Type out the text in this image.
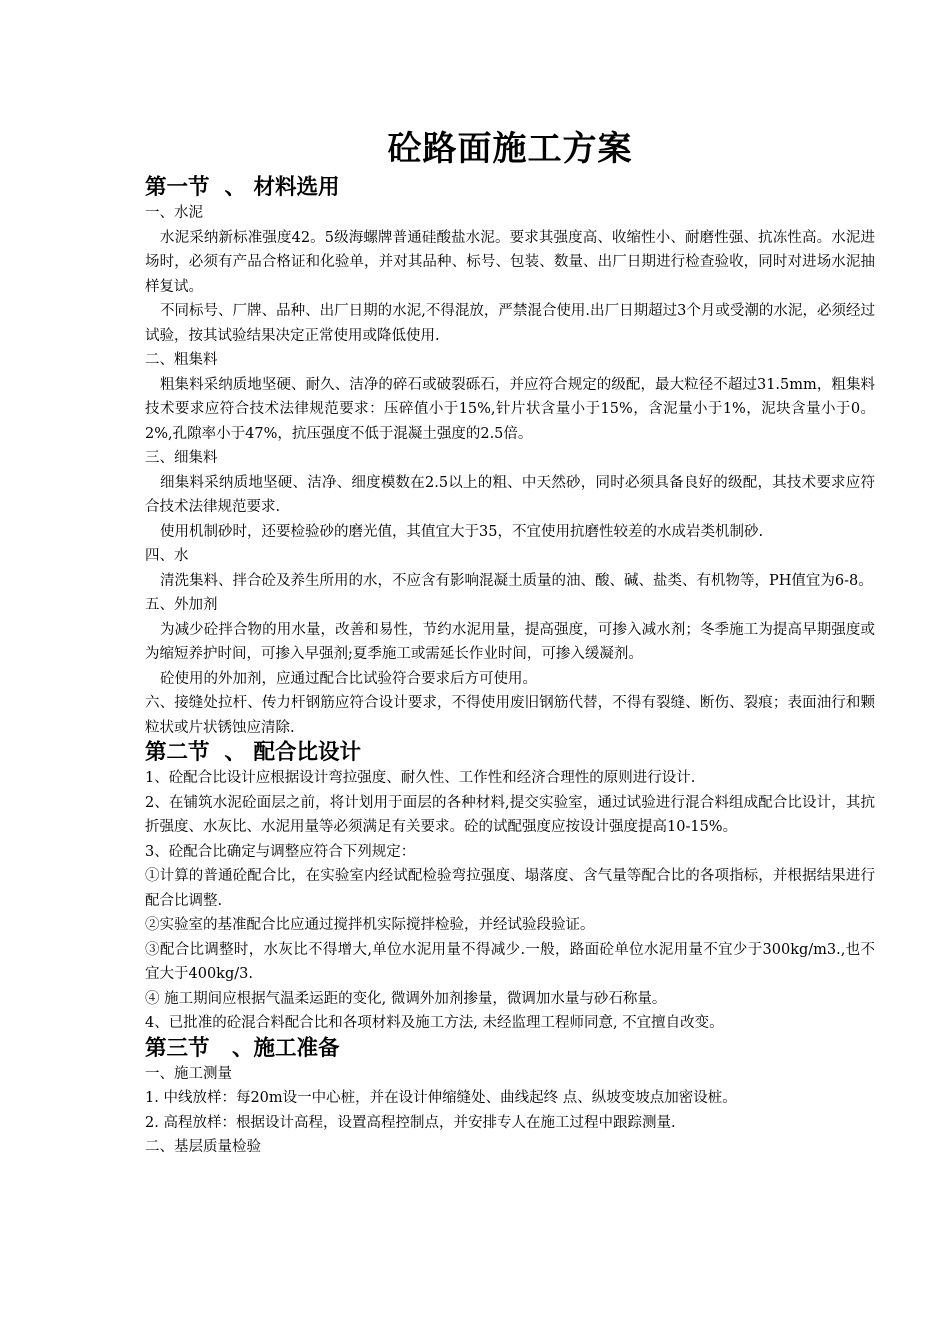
砼路面施工方案
第一节  、 材料选用

一、水泥

水泥采纳新标准强度42。5级海螺牌普通硅酸盐水泥。要求其强度高、收缩性小、耐磨性强、抗冻性高。水泥进场时，必须有产品合格证和化验单，并对其品种、标号、包装、数量、出厂日期进行检查验收，同时对进场水泥抽样复试。

不同标号、厂牌、品种、出厂日期的水泥,不得混放，严禁混合使用.出厂日期超过3个月或受潮的水泥，必须经过试验，按其试验结果决定正常使用或降低使用.

二、粗集料

粗集料采纳质地坚硬、耐久、洁净的碎石或破裂砾石，并应符合规定的级配，最大粒径不超过31.5mm，粗集料技术要求应符合技术法律规范要求：压碎值小于15%,针片状含量小于15%，含泥量小于1%，泥块含量小于0。2%,孔隙率小于47%，抗压强度不低于混凝土强度的2.5倍。

三、细集料

细集料采纳质地坚硬、洁净、细度模数在2.5以上的粗、中天然砂，同时必须具备良好的级配，其技术要求应符合技术法律规范要求.

使用机制砂时，还要检验砂的磨光值，其值宜大于35，不宜使用抗磨性较差的水成岩类机制砂.

四、水

清洗集料、拌合砼及养生所用的水，不应含有影响混凝土质量的油、酸、碱、盐类、有机物等，PH值宜为6-8。

五、外加剂

为减少砼拌合物的用水量，改善和易性，节约水泥用量，提高强度，可掺入减水剂；冬季施工为提高早期强度或为缩短养护时间，可掺入早强剂;夏季施工或需延长作业时间，可掺入缓凝剂。

砼使用的外加剂，应通过配合比试验符合要求后方可使用。

六、接缝处拉杆、传力杆钢筋应符合设计要求，不得使用废旧钢筋代替，不得有裂缝、断伤、裂痕；表面油行和颗粒状或片状锈蚀应清除.

第二节  、 配合比设计

1、砼配合比设计应根据设计弯拉强度、耐久性、工作性和经济合理性的原则进行设计.

2、在铺筑水泥砼面层之前，将计划用于面层的各种材料,提交实验室，通过试验进行混合料组成配合比设计，其抗折强度、水灰比、水泥用量等必须满足有关要求。砼的试配强度应按设计强度提高10-15%。

3、砼配合比确定与调整应符合下列规定：

①计算的普通砼配合比，在实验室内经试配检验弯拉强度、塌落度、含气量等配合比的各项指标，并根据结果进行配合比调整.

②实验室的基准配合比应通过搅拌机实际搅拌检验，并经试验段验证。

③配合比调整时，水灰比不得增大,单位水泥用量不得减少.一般，路面砼单位水泥用量不宜少于300kg/m3.,也不宜大于400kg/3.

④ 施工期间应根据气温柔运距的变化, 微调外加剂掺量，微调加水量与砂石称量。

4、已批准的砼混合料配合比和各项材料及施工方法, 未经监理工程师同意, 不宜擅自改变。

第三节   、施工准备

一、施工测量

1. 中线放样：每20m设一中心桩，并在设计伸缩缝处、曲线起终 点、纵坡变坡点加密设桩。

2. 高程放样：根据设计高程，设置高程控制点，并安排专人在施工过程中跟踪测量.

二、基层质量检验
